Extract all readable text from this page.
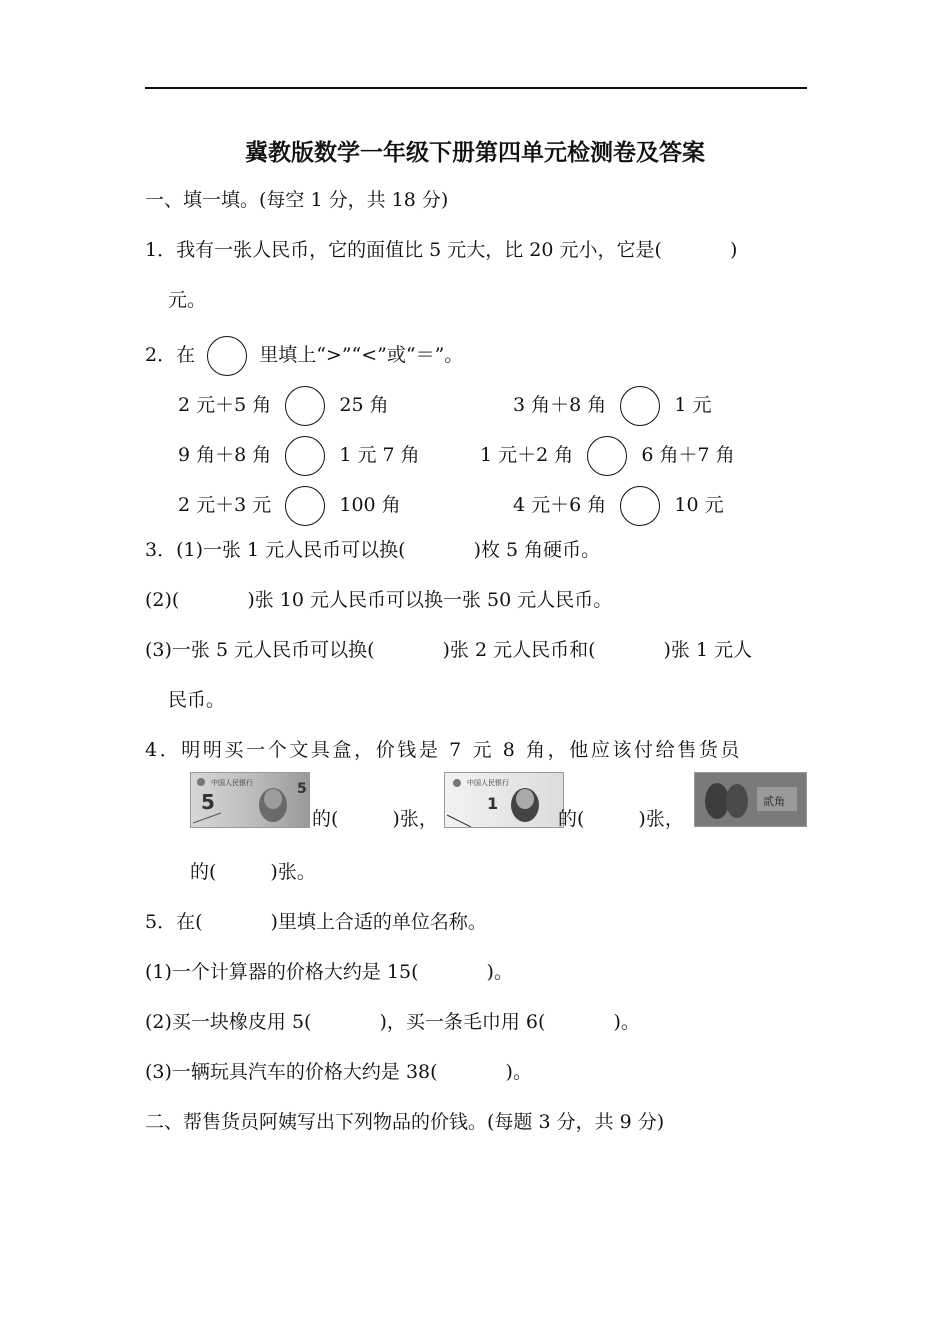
冀教版数学一年级下册第四单元检测卷及答案
一、填一填。(每空 1 分，共 18 分)
1．我有一张人民币，它的面值比 5 元大，比 20 元小，它是(	)
元。
2．在	里填上“>”“<”或“＝”。
2 元＋5 角	25 角	3 角＋8 角	1 元
9 角＋8 角	1 元 7 角	1 元＋2 角	6 角＋7 角
2 元＋3 元	100 角	4 元＋6 角	10 元
3．(1)一张 1 元人民币可以换(	)枚 5 角硬币。
(2)(	)张 10 元人民币可以换一张 50 元人民币。
(3)一张 5 元人民币可以换(	)张 2 元人民币和(	)张 1 元人
民币。
4．明明买一个文具盒，价钱是 7 元 8 角，他应该付给售货员
中国人民银行
5
5
的(	)张，
中国人民银行
1
的(	)张，
贰角
的(	)张。
5．在(	)里填上合适的单位名称。
(1)一个计算器的价格大约是 15(	)。
(2)买一块橡皮用 5(	)，买一条毛巾用 6(	)。
(3)一辆玩具汽车的价格大约是 38(	)。
二、帮售货员阿姨写出下列物品的价钱。(每题 3 分，共 9 分)
